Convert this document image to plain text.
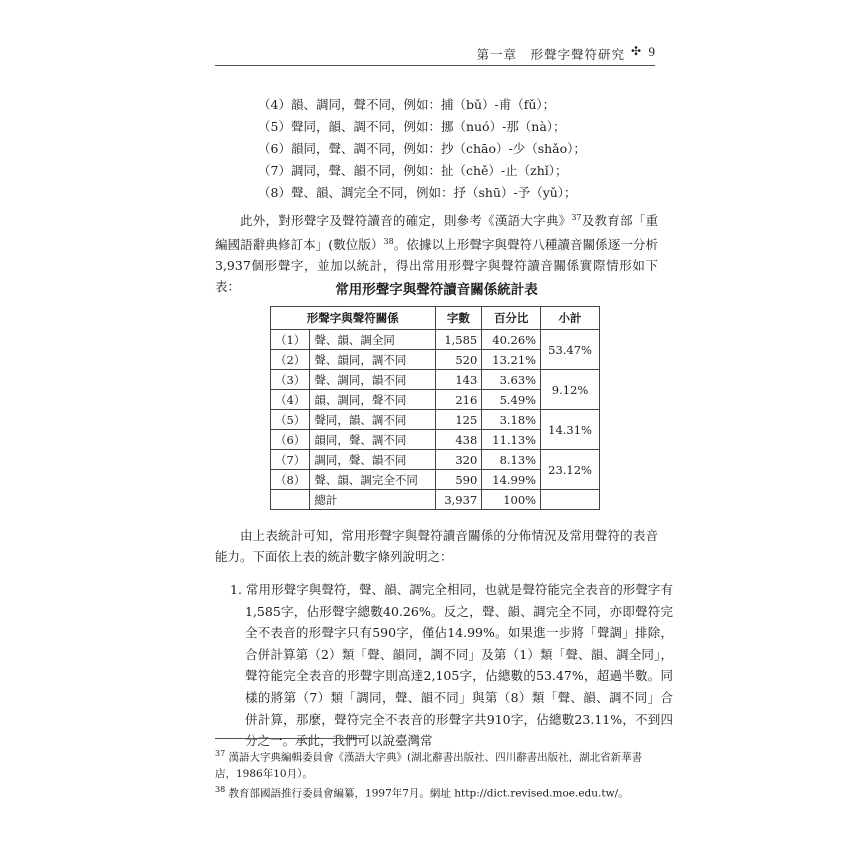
第一章　形聲字聲符研究 ✣ 9
（4）韻、調同，聲不同，例如：捕（bǔ）-甫（fǔ）；
（5）聲同，韻、調不同，例如：挪（nuó）-那（nà）；
（6）韻同，聲、調不同，例如：抄（chāo）-少（shǎo）；
（7）調同，聲、韻不同，例如：扯（chě）-止（zhǐ）；
（8）聲、韻、調完全不同，例如：抒（shū）-予（yǔ）；

此外，對形聲字及聲符讀音的確定，則參考《漢語大字典》$^{37}$及教育部「重編國語辭典修訂本」(數位版）$^{38}$。依據以上形聲字與聲符八種讀音關係逐一分析3,937個形聲字，並加以統計，得出常用形聲字與聲符讀音關係實際情形如下表：	常用形聲字與聲符讀音關係統計表
形聲字與聲符關係		字數	百分比	小計
（1）	聲、韻、調全同	1,585	40.26%	53.47%
（2）	聲、韻同，調不同	520	13.21%	
（3）	聲、調同，韻不同	143	3.63%	9.12%
（4）	韻、調同，聲不同	216	5.49%	
（5）	聲同，韻、調不同	125	3.18%	14.31%
（6）	韻同，聲、調不同	438	11.13%	
（7）	調同，聲、韻不同	320	8.13%	23.12%
（8）	聲、韻、調完全不同	590	14.99%	
	總計	3,937	100%	

由上表統計可知，常用形聲字與聲符讀音關係的分佈情況及常用聲符的表音能力。下面依上表的統計數字條列說明之：

1. 常用形聲字與聲符，聲、韻、調完全相同，也就是聲符能完全表音的形聲字有1,585字，佔形聲字總數40.26%。反之，聲、韻、調完全不同，亦即聲符完全不表音的形聲字只有590字，僅佔14.99%。如果進一步將「聲調」排除，合併計算第（2）類「聲、韻同，調不同」及第（1）類「聲、韻、調全同」，聲符能完全表音的形聲字則高達2,105字，佔總數的53.47%，超過半數。同樣的將第（7）類「調同，聲、韻不同」與第（8）類「聲、韻、調不同」合併計算，那麼，聲符完全不表音的形聲字共910字，佔總數23.11%，不到四分之一。承此，我們可以說臺灣常

$^{37}$ 漢語大字典編輯委員會《漢語大字典》(湖北辭書出版社、四川辭書出版社，湖北省新華書店，1986年10月）。
$^{38}$ 教育部國語推行委員會編纂，1997年7月。網址 http://dict.revised.moe.edu.tw/。
